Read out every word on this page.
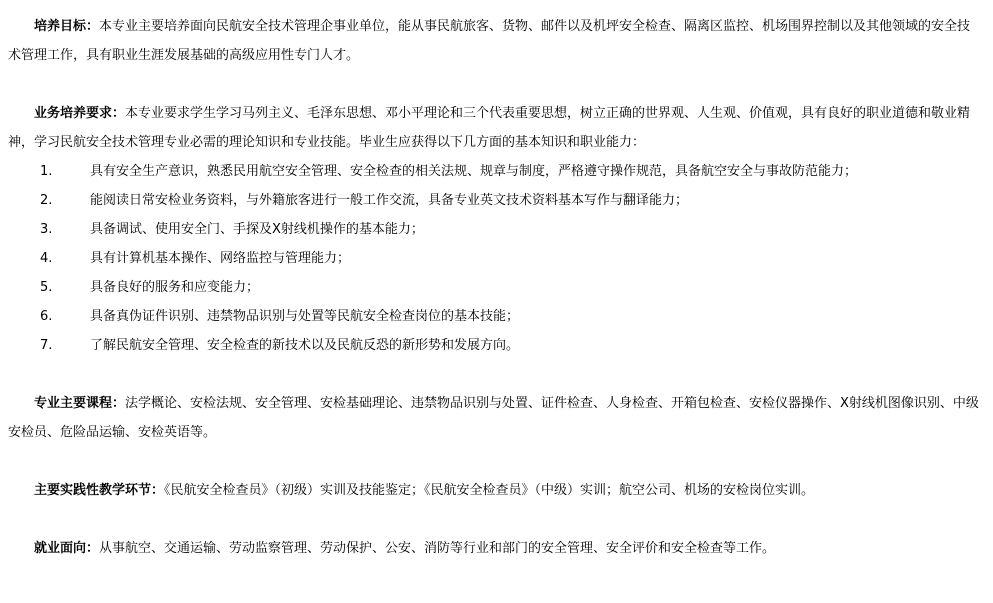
培养目标：本专业主要培养面向民航安全技术管理企事业单位，能从事民航旅客、货物、邮件以及机坪安全检查、隔离区监控、机场围界控制以及其他领域的安全技术管理工作，具有职业生涯发展基础的高级应用性专门人才。

业务培养要求：本专业要求学生学习马列主义、毛泽东思想、邓小平理论和三个代表重要思想，树立正确的世界观、人生观、价值观，具有良好的职业道德和敬业精神，学习民航安全技术管理专业必需的理论知识和专业技能。毕业生应获得以下几方面的基本知识和职业能力：

1.	具有安全生产意识，熟悉民用航空安全管理、安全检查的相关法规、规章与制度，严格遵守操作规范，具备航空安全与事故防范能力；
2.	能阅读日常安检业务资料，与外籍旅客进行一般工作交流，具备专业英文技术资料基本写作与翻译能力；
3.	具备调试、使用安全门、手探及X射线机操作的基本能力；
4.	具有计算机基本操作、网络监控与管理能力；
5.	具备良好的服务和应变能力；
6.	具备真伪证件识别、违禁物品识别与处置等民航安全检查岗位的基本技能；
7.	了解民航安全管理、安全检查的新技术以及民航反恐的新形势和发展方向。

专业主要课程：法学概论、安检法规、安全管理、安检基础理论、违禁物品识别与处置、证件检查、人身检查、开箱包检查、安检仪器操作、X射线机图像识别、中级安检员、危险品运输、安检英语等。

主要实践性教学环节：《民航安全检查员》（初级）实训及技能鉴定；《民航安全检查员》（中级）实训；航空公司、机场的安检岗位实训。

就业面向：从事航空、交通运输、劳动监察管理、劳动保护、公安、消防等行业和部门的安全管理、安全评价和安全检查等工作。
